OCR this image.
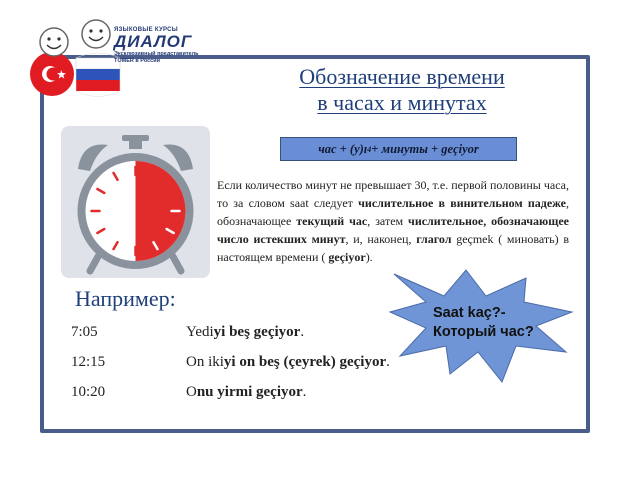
ЯЗЫКОВЫЕ КУРСЫ
ДИАЛОГ
Эксклюзивный представитель
TÖMER в России
Обозначение времени
в часах и минутах
час + (y)ı 4 + минуты + geçiyor
Если количество минут не превышает 30, т.е. первой половины часа, то за словом saat следует числительное в винительном падеже, обозначающее текущий час, затем числительное, обозначающее число истекших минут, и, наконец, глагол geçmek ( миновать) в настоящем времени ( geçiyor).
Например:
7:05	Yediyi beş geçiyor.
12:15	On ikiyi on beş (çeyrek) geçiyor.
10:20	Onu yirmi geçiyor.
Saat kaç?-
Который час?
